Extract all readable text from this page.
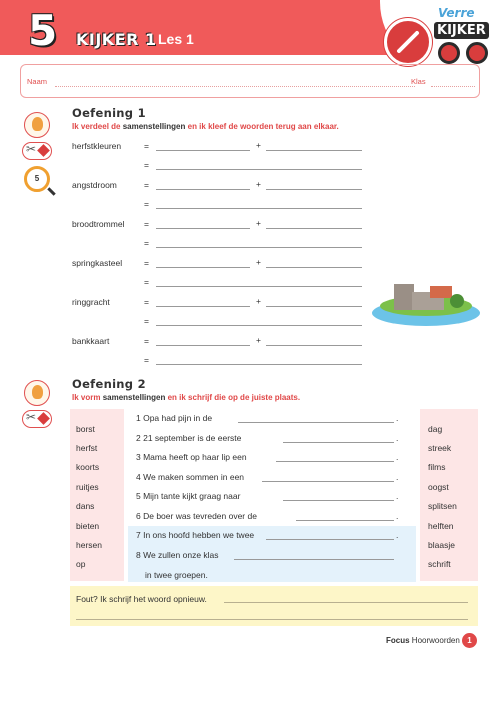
5 KIJKER 1 Les 1
Verre
KIJKER
Naam	Klas
✂
5
Oefening 1
Ik verdeel de samenstellingen en ik kleef de woorden terug aan elkaar.
herfstkleuren	=	+
=
angstdroom	=	+
=
broodtrommel =	+
=
springkasteel	=	+
=
ringgracht	=	+
=
bankkaart	=	+
=
✂
Oefening 2
Ik vorm samenstellingen en ik schrijf die op de juiste plaats.
borst
herfst
koorts
ruitjes
dans
bieten
hersen
op
dag
streek
films
oogst
splitsen
helften
blaasje
schrift
1 Opa had pijn in de	.
2 21 september is de eerste	.
3 Mama heeft op haar lip een	.
4 We maken sommen in een	.
5 Mijn tante kijkt graag naar	.
6 De boer was tevreden over de	.
7 In ons hoofd hebben we twee	.
8 We zullen onze klas
in twee groepen.
Fout? Ik schrijf het woord opnieuw.
Focus Hoorwoorden 1
